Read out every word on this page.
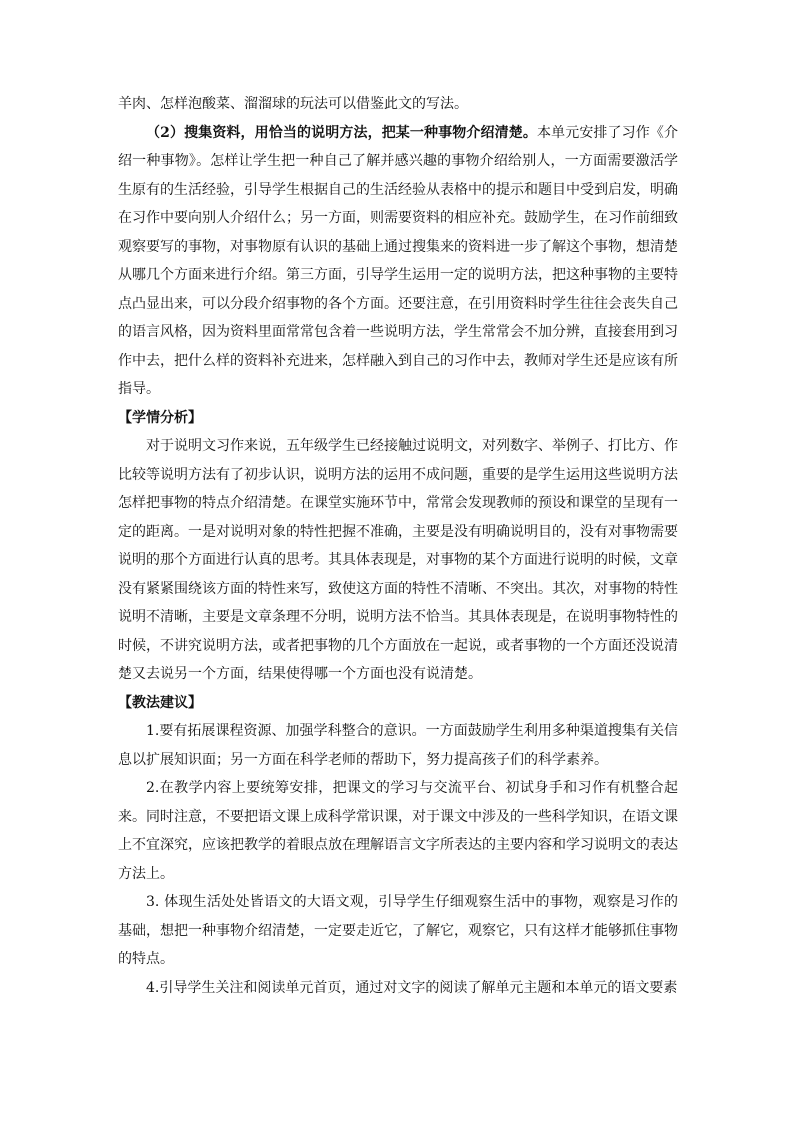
羊肉、怎样泡酸菜、溜溜球的玩法可以借鉴此文的写法。

（2）搜集资料，用恰当的说明方法，把某一种事物介绍清楚。本单元安排了习作《介绍一种事物》。怎样让学生把一种自己了解并感兴趣的事物介绍给别人，一方面需要激活学生原有的生活经验，引导学生根据自己的生活经验从表格中的提示和题目中受到启发，明确在习作中要向别人介绍什么；另一方面，则需要资料的相应补充。鼓励学生，在习作前细致观察要写的事物，对事物原有认识的基础上通过搜集来的资料进一步了解这个事物，想清楚从哪几个方面来进行介绍。第三方面，引导学生运用一定的说明方法，把这种事物的主要特点凸显出来，可以分段介绍事物的各个方面。还要注意，在引用资料时学生往往会丧失自己的语言风格，因为资料里面常常包含着一些说明方法，学生常常会不加分辨，直接套用到习作中去，把什么样的资料补充进来，怎样融入到自己的习作中去，教师对学生还是应该有所指导。

【学情分析】

对于说明文习作来说，五年级学生已经接触过说明文，对列数字、举例子、打比方、作比较等说明方法有了初步认识，说明方法的运用不成问题，重要的是学生运用这些说明方法怎样把事物的特点介绍清楚。在课堂实施环节中，常常会发现教师的预设和课堂的呈现有一定的距离。一是对说明对象的特性把握不准确，主要是没有明确说明目的，没有对事物需要说明的那个方面进行认真的思考。其具体表现是，对事物的某个方面进行说明的时候，文章没有紧紧围绕该方面的特性来写，致使这方面的特性不清晰、不突出。其次，对事物的特性说明不清晰，主要是文章条理不分明，说明方法不恰当。其具体表现是，在说明事物特性的时候，不讲究说明方法，或者把事物的几个方面放在一起说，或者事物的一个方面还没说清楚又去说另一个方面，结果使得哪一个方面也没有说清楚。

【教法建议】

1.要有拓展课程资源、加强学科整合的意识。一方面鼓励学生利用多种渠道搜集有关信息以扩展知识面；另一方面在科学老师的帮助下，努力提高孩子们的科学素养。

2.在教学内容上要统筹安排，把课文的学习与交流平台、初试身手和习作有机整合起来。同时注意，不要把语文课上成科学常识课，对于课文中涉及的一些科学知识，在语文课上不宜深究，应该把教学的着眼点放在理解语言文字所表达的主要内容和学习说明文的表达方法上。

3. 体现生活处处皆语文的大语文观，引导学生仔细观察生活中的事物，观察是习作的基础，想把一种事物介绍清楚，一定要走近它，了解它，观察它，只有这样才能够抓住事物的特点。

4.引导学生关注和阅读单元首页，通过对文字的阅读了解单元主题和本单元的语文要素
